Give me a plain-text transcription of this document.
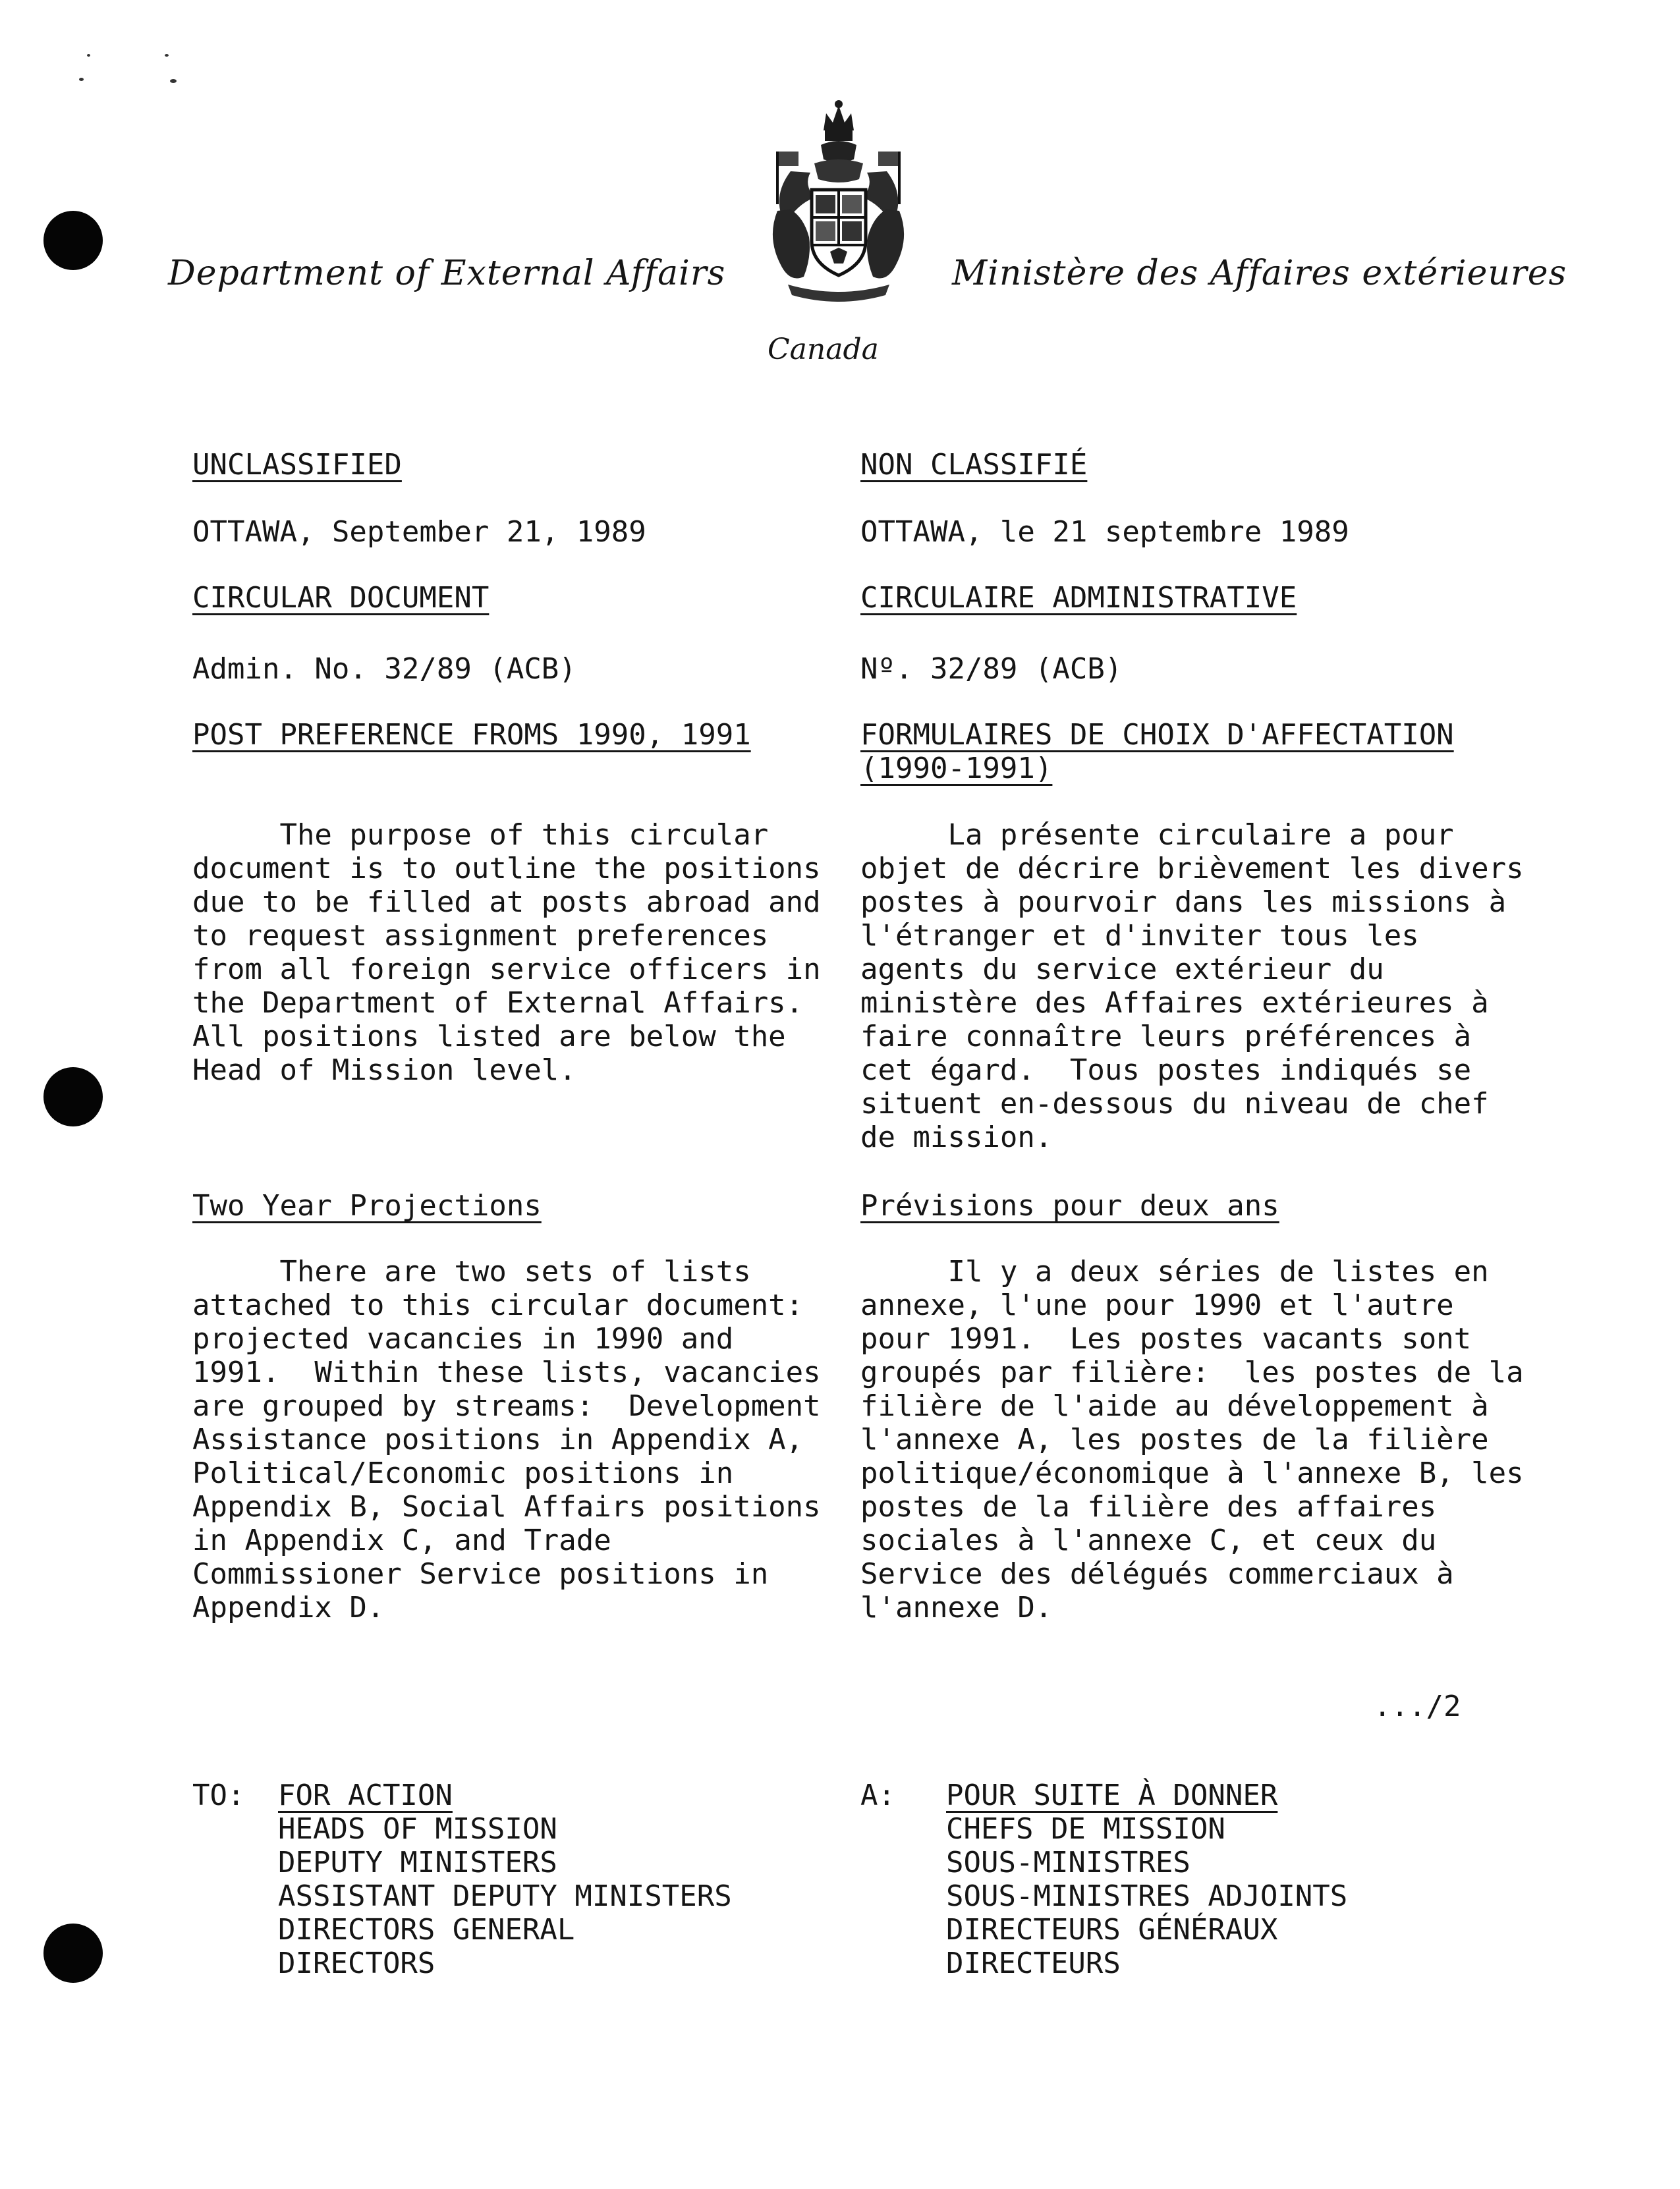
Department of External Affairs	Ministère des Affaires extérieures
Canada
UNCLASSIFIED
OTTAWA, September 21, 1989
CIRCULAR DOCUMENT
Admin. No. 32/89 (ACB)
POST PREFERENCE FROMS 1990, 1991
The purpose of this circular
document is to outline the positions
due to be filled at posts abroad and
to request assignment preferences
from all foreign service officers in
the Department of External Affairs.
All positions listed are below the
Head of Mission level.
Two Year Projections
There are two sets of lists
attached to this circular document:
projected vacancies in 1990 and
1991.  Within these lists, vacancies
are grouped by streams:  Development
Assistance positions in Appendix A,
Political/Economic positions in
Appendix B, Social Affairs positions
in Appendix C, and Trade
Commissioner Service positions in
Appendix D.
NON CLASSIFIÉ
OTTAWA, le 21 septembre 1989
CIRCULAIRE ADMINISTRATIVE
Nº. 32/89 (ACB)
FORMULAIRES DE CHOIX D'AFFECTATION
(1990-1991)
La présente circulaire a pour
objet de décrire brièvement les divers
postes à pourvoir dans les missions à
l'étranger et d'inviter tous les
agents du service extérieur du
ministère des Affaires extérieures à
faire connaître leurs préférences à
cet égard.  Tous postes indiqués se
situent en-dessous du niveau de chef
de mission.
Prévisions pour deux ans
Il y a deux séries de listes en
annexe, l'une pour 1990 et l'autre
pour 1991.  Les postes vacants sont
groupés par filière:  les postes de la
filière de l'aide au développement à
l'annexe A, les postes de la filière
politique/économique à l'annexe B, les
postes de la filière des affaires
sociales à l'annexe C, et ceux du
Service des délégués commerciaux à
l'annexe D.
.../2
TO: FOR ACTION
HEADS OF MISSION
DEPUTY MINISTERS
ASSISTANT DEPUTY MINISTERS
DIRECTORS GENERAL
DIRECTORS
A: POUR SUITE À DONNER
CHEFS DE MISSION
SOUS-MINISTRES
SOUS-MINISTRES ADJOINTS
DIRECTEURS GÉNÉRAUX
DIRECTEURS
